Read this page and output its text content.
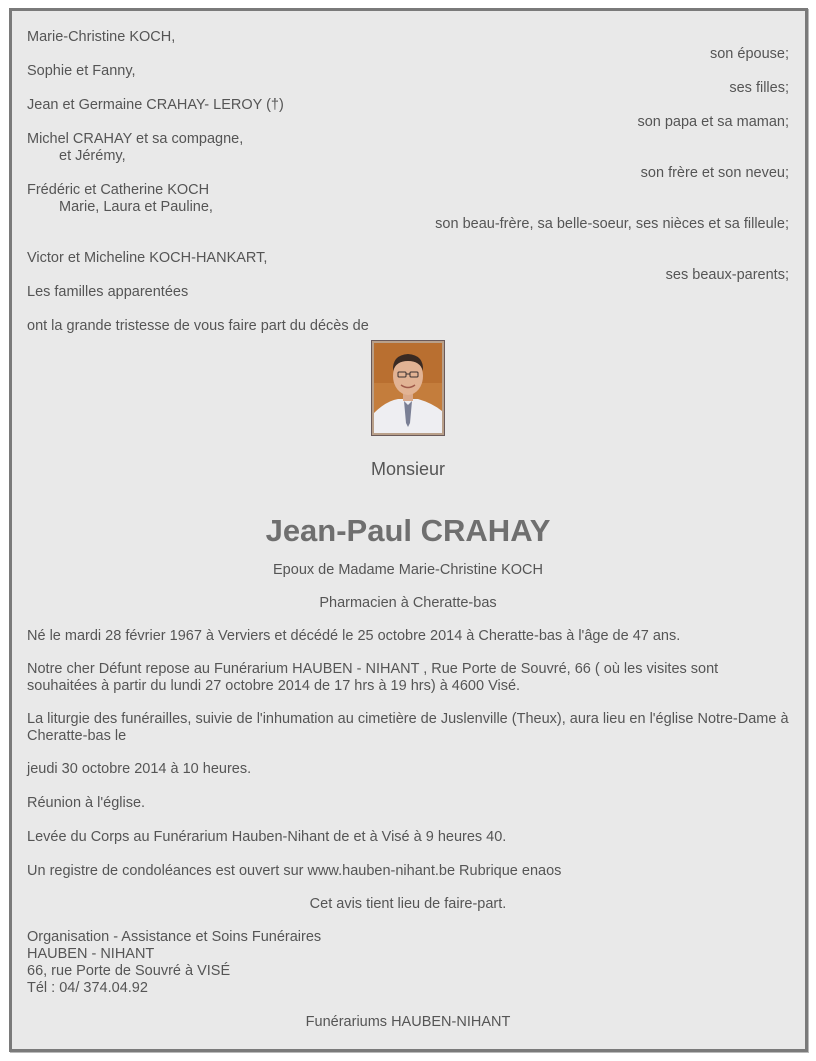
Marie-Christine KOCH,
son épouse;
Sophie et Fanny,
ses filles;
Jean et Germaine CRAHAY- LEROY (†)
son papa et sa maman;
Michel CRAHAY et sa compagne,
et Jérémy,
son frère et son neveu;
Frédéric et Catherine KOCH
Marie, Laura et Pauline,
son beau-frère, sa belle-soeur, ses nièces et sa filleule;
Victor et Micheline KOCH-HANKART,
ses beaux-parents;
Les familles apparentées
ont la grande tristesse de vous faire part du décès de
Monsieur
Jean-Paul CRAHAY
Epoux de Madame Marie-Christine KOCH
Pharmacien à Cheratte-bas
Né le mardi 28 février 1967 à Verviers et décédé le 25 octobre 2014 à Cheratte-bas à l'âge de 47 ans.
Notre cher Défunt repose au Funérarium HAUBEN - NIHANT , Rue Porte de Souvré, 66 ( où les visites sont souhaitées à partir du lundi 27 octobre 2014 de 17 hrs à 19 hrs) à 4600 Visé.
La liturgie des funérailles, suivie de l'inhumation au cimetière de Juslenville (Theux), aura lieu en l'église Notre-Dame à Cheratte-bas le
jeudi 30 octobre 2014 à 10 heures.
Réunion à l'église.
Levée du Corps au Funérarium Hauben-Nihant de et à Visé à 9 heures 40.
Un registre de condoléances est ouvert sur www.hauben-nihant.be Rubrique enaos
Cet avis tient lieu de faire-part.
Organisation - Assistance et Soins Funéraires
HAUBEN - NIHANT
66, rue Porte de Souvré à VISÉ
Tél : 04/ 374.04.92
Funérariums HAUBEN-NIHANT
